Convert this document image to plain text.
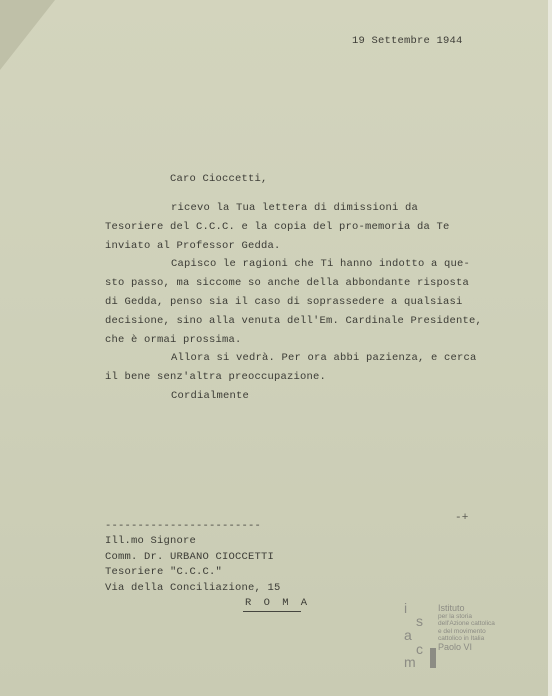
19 Settembre 1944
Caro Cioccetti,
ricevo la Tua lettera di dimissioni da
Tesoriere del C.C.C. e la copia del pro-memoria da Te
inviato al Professor Gedda.
Capisco le ragioni che Ti hanno indotto a que-
sto passo, ma siccome so anche della abbondante risposta
di Gedda, penso sia il caso di soprassedere a qualsiasi
decisione, sino alla venuta dell'Em. Cardinale Presidente,
che è ormai prossima.
Allora si vedrà. Per ora abbi pazienza, e cerca
il bene senz'altra preoccupazione.
Cordialmente
-+
------------------------
Ill.mo Signore
Comm. Dr. URBANO CIOCCETTI
Tesoriere "C.C.C."
Via della Conciliazione, 15
R O M A	i
s
a
c
m
Istituto
per la storia
dell'Azione cattolica
e del movimento
cattolico in Italia
Paolo VI
